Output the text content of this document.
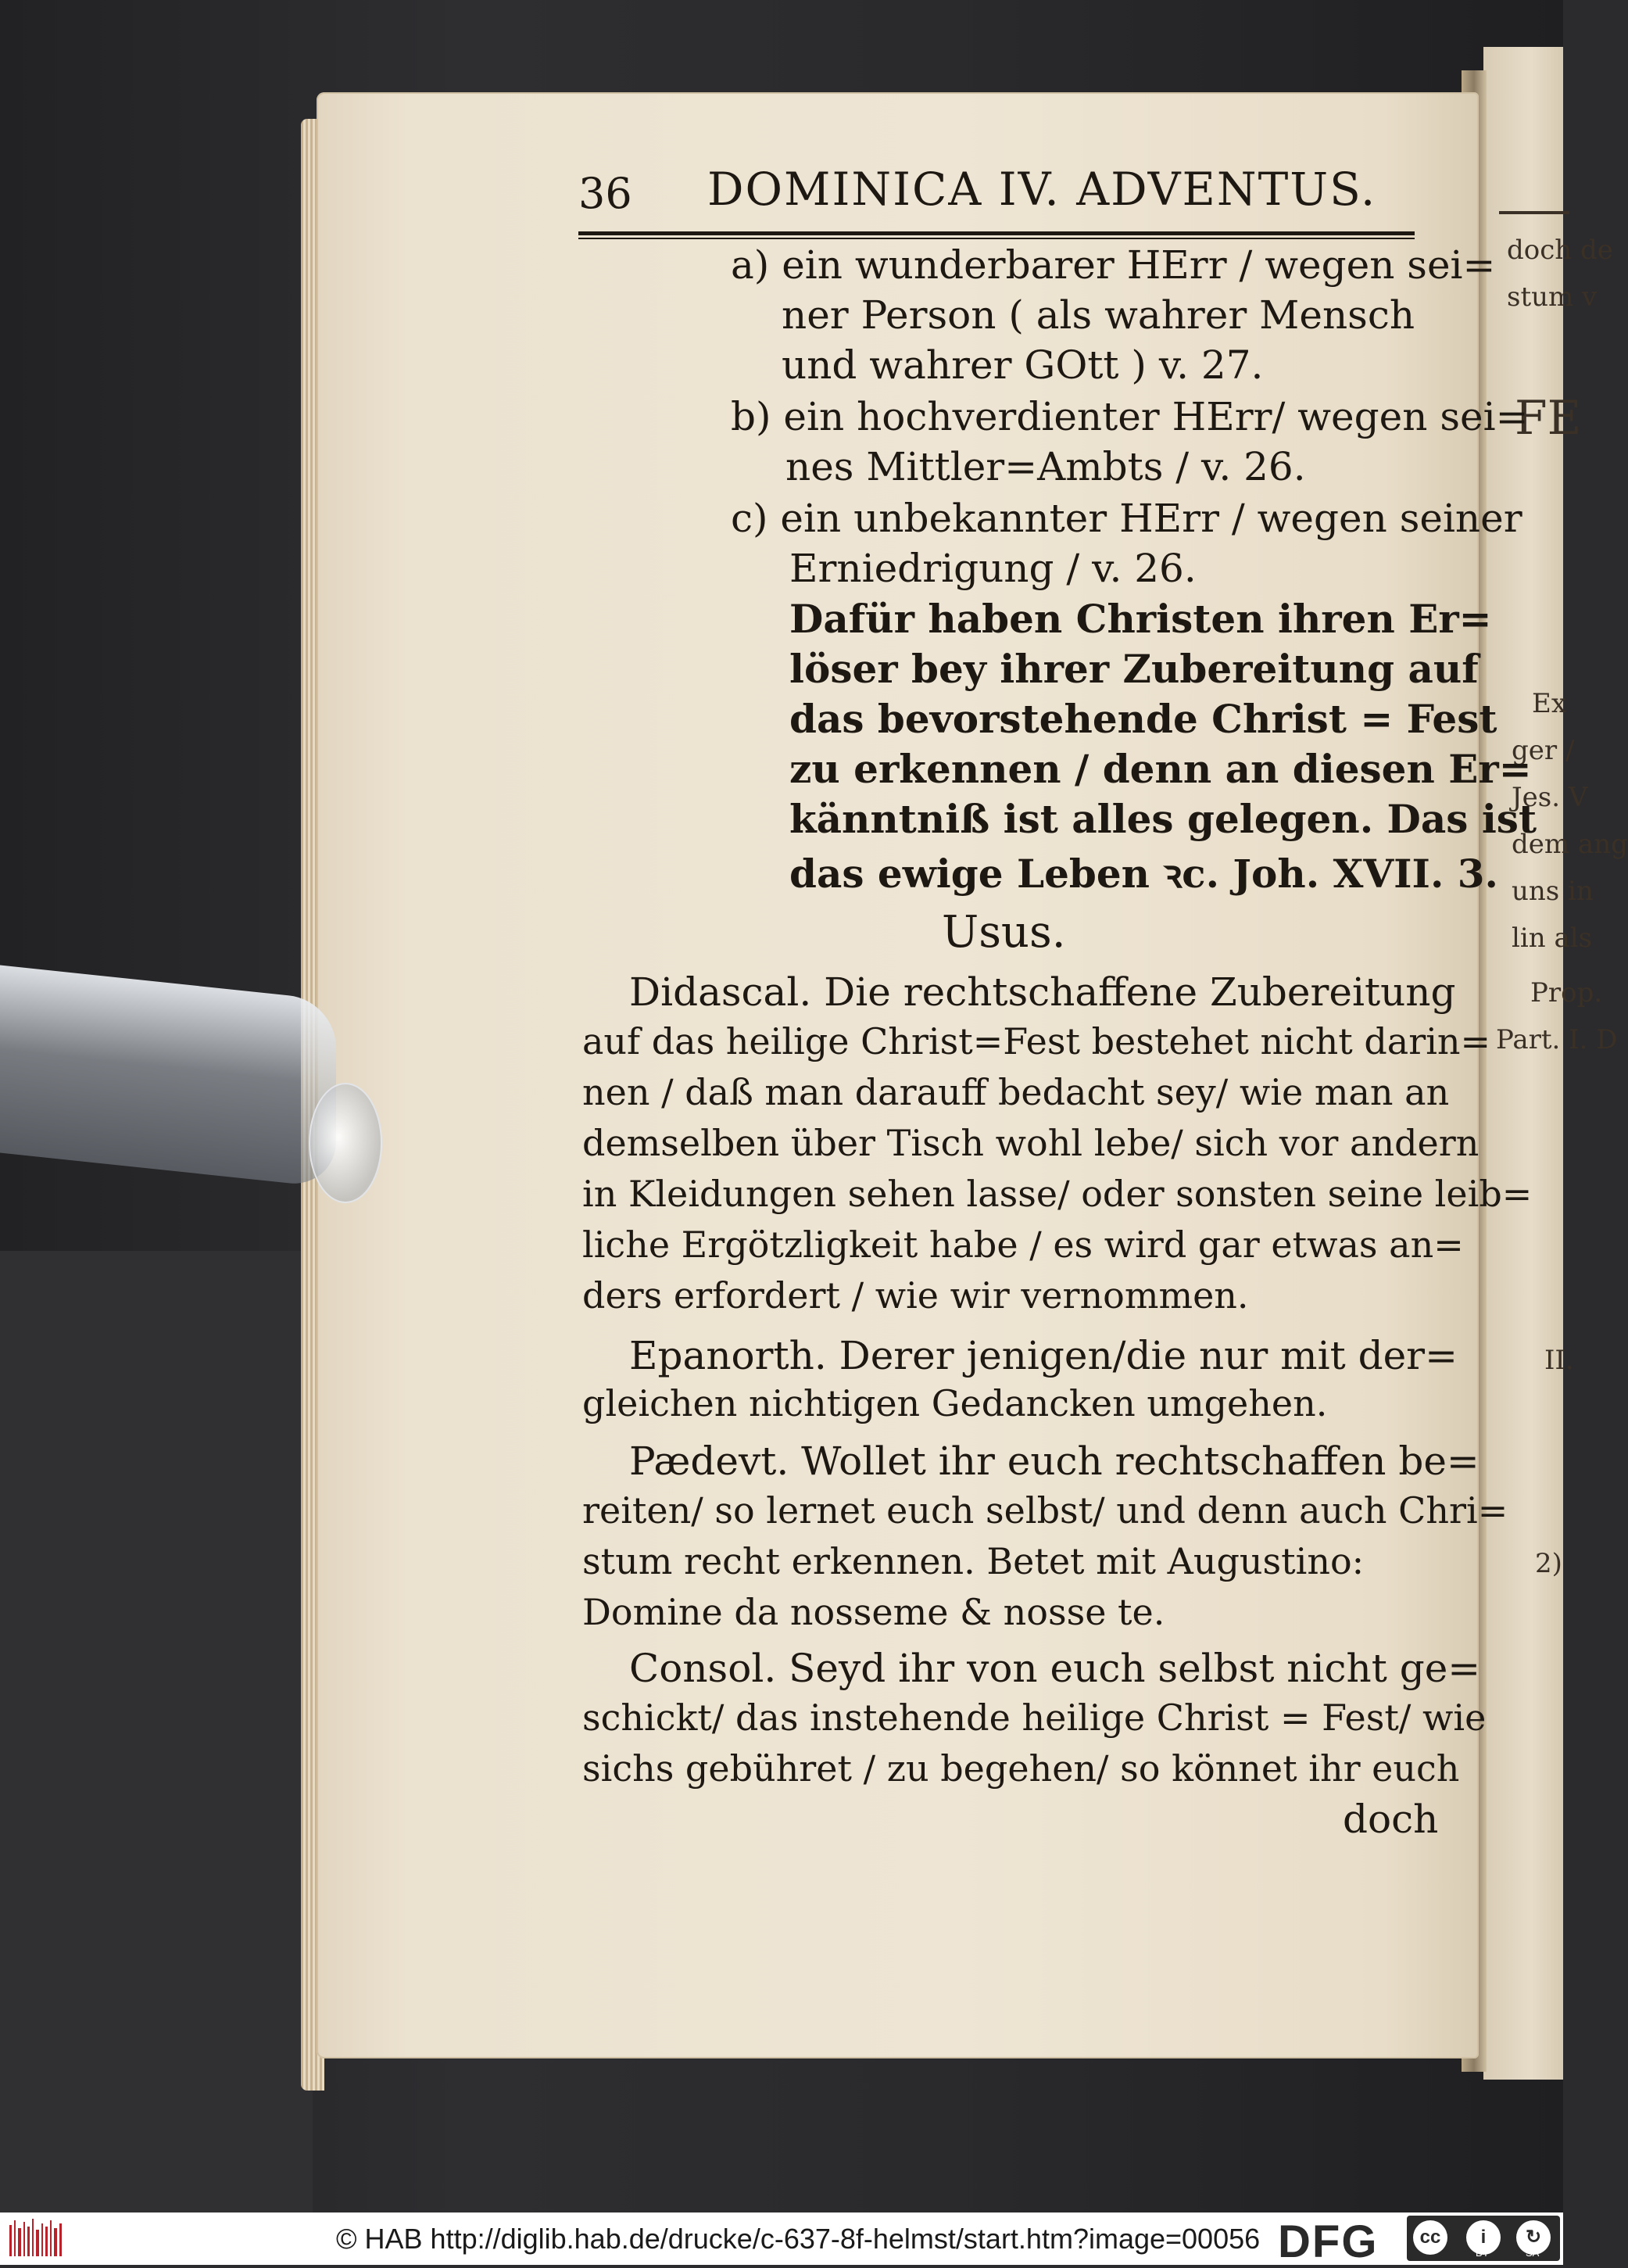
doch de
stum v
FE
Ex
ger /
Jes. V
dem ang
uns in
lin als
Prop.
Part. I. D
II.
2)
36 DOMINICA IV. ADVENTUS.
a) ein wunderbarer HErr / wegen sei=
ner Person ( als wahrer Mensch
und wahrer GOtt ) v. 27.
b) ein hochverdienter HErr/ wegen sei=
nes Mittler=Ambts / v. 26.
c) ein unbekannter HErr / wegen seiner
Erniedrigung / v. 26.
Dafür haben Christen ihren Er=
löser bey ihrer Zubereitung auf
das bevorstehende Christ = Fest
zu erkennen / denn an diesen Er=
känntniß ist alles gelegen. Das ist
das ewige Leben ꝛc. Joh. XVII. 3.
Usus.
Didascal. Die rechtschaffene Zubereitung
auf das heilige Christ=Fest bestehet nicht darin=
nen / daß man darauff bedacht sey/ wie man an
demselben über Tisch wohl lebe/ sich vor andern
in Kleidungen sehen lasse/ oder sonsten seine leib=
liche Ergötzligkeit habe / es wird gar etwas an=
ders erfordert / wie wir vernommen.
Epanorth. Derer jenigen/die nur mit der=
gleichen nichtigen Gedancken umgehen.
Pædevt. Wollet ihr euch rechtschaffen be=
reiten/ so lernet euch selbst/ und denn auch Chri=
stum recht erkennen. Betet mit Augustino:
Domine da nosseme & nosse te.
Consol. Seyd ihr von euch selbst nicht ge=
schickt/ das instehende heilige Christ = Fest/ wie
sichs gebühret / zu begehen/ so könnet ihr euch
doch
© HAB http://diglib.hab.de/drucke/c-637-8f-helmst/start.htm?image=00056 DFG	cc	i	↻
BY	SA
